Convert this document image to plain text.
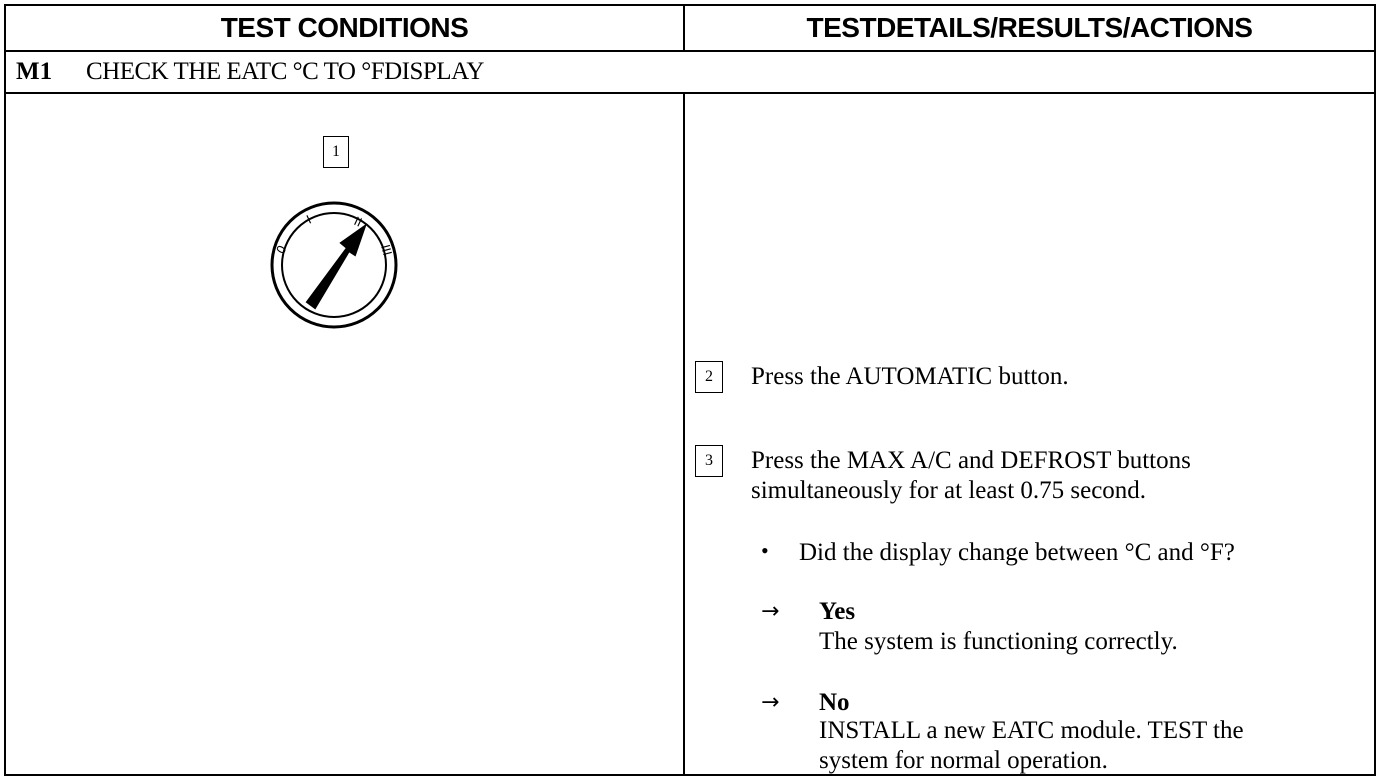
TEST CONDITIONS	TESTDETAILS/RESULTS/ACTIONS
M1	CHECK THE EATC °C TO °FDISPLAY
1
0
I	II
III
2	Press the AUTOMATIC button.
3	Press the MAX A/C and DEFROST buttons
simultaneously for at least 0.75 second.
• Did the display change between °C and °F?
→ Yes
The system is functioning correctly.
→ No
INSTALL a new EATC module. TEST the
system for normal operation.
